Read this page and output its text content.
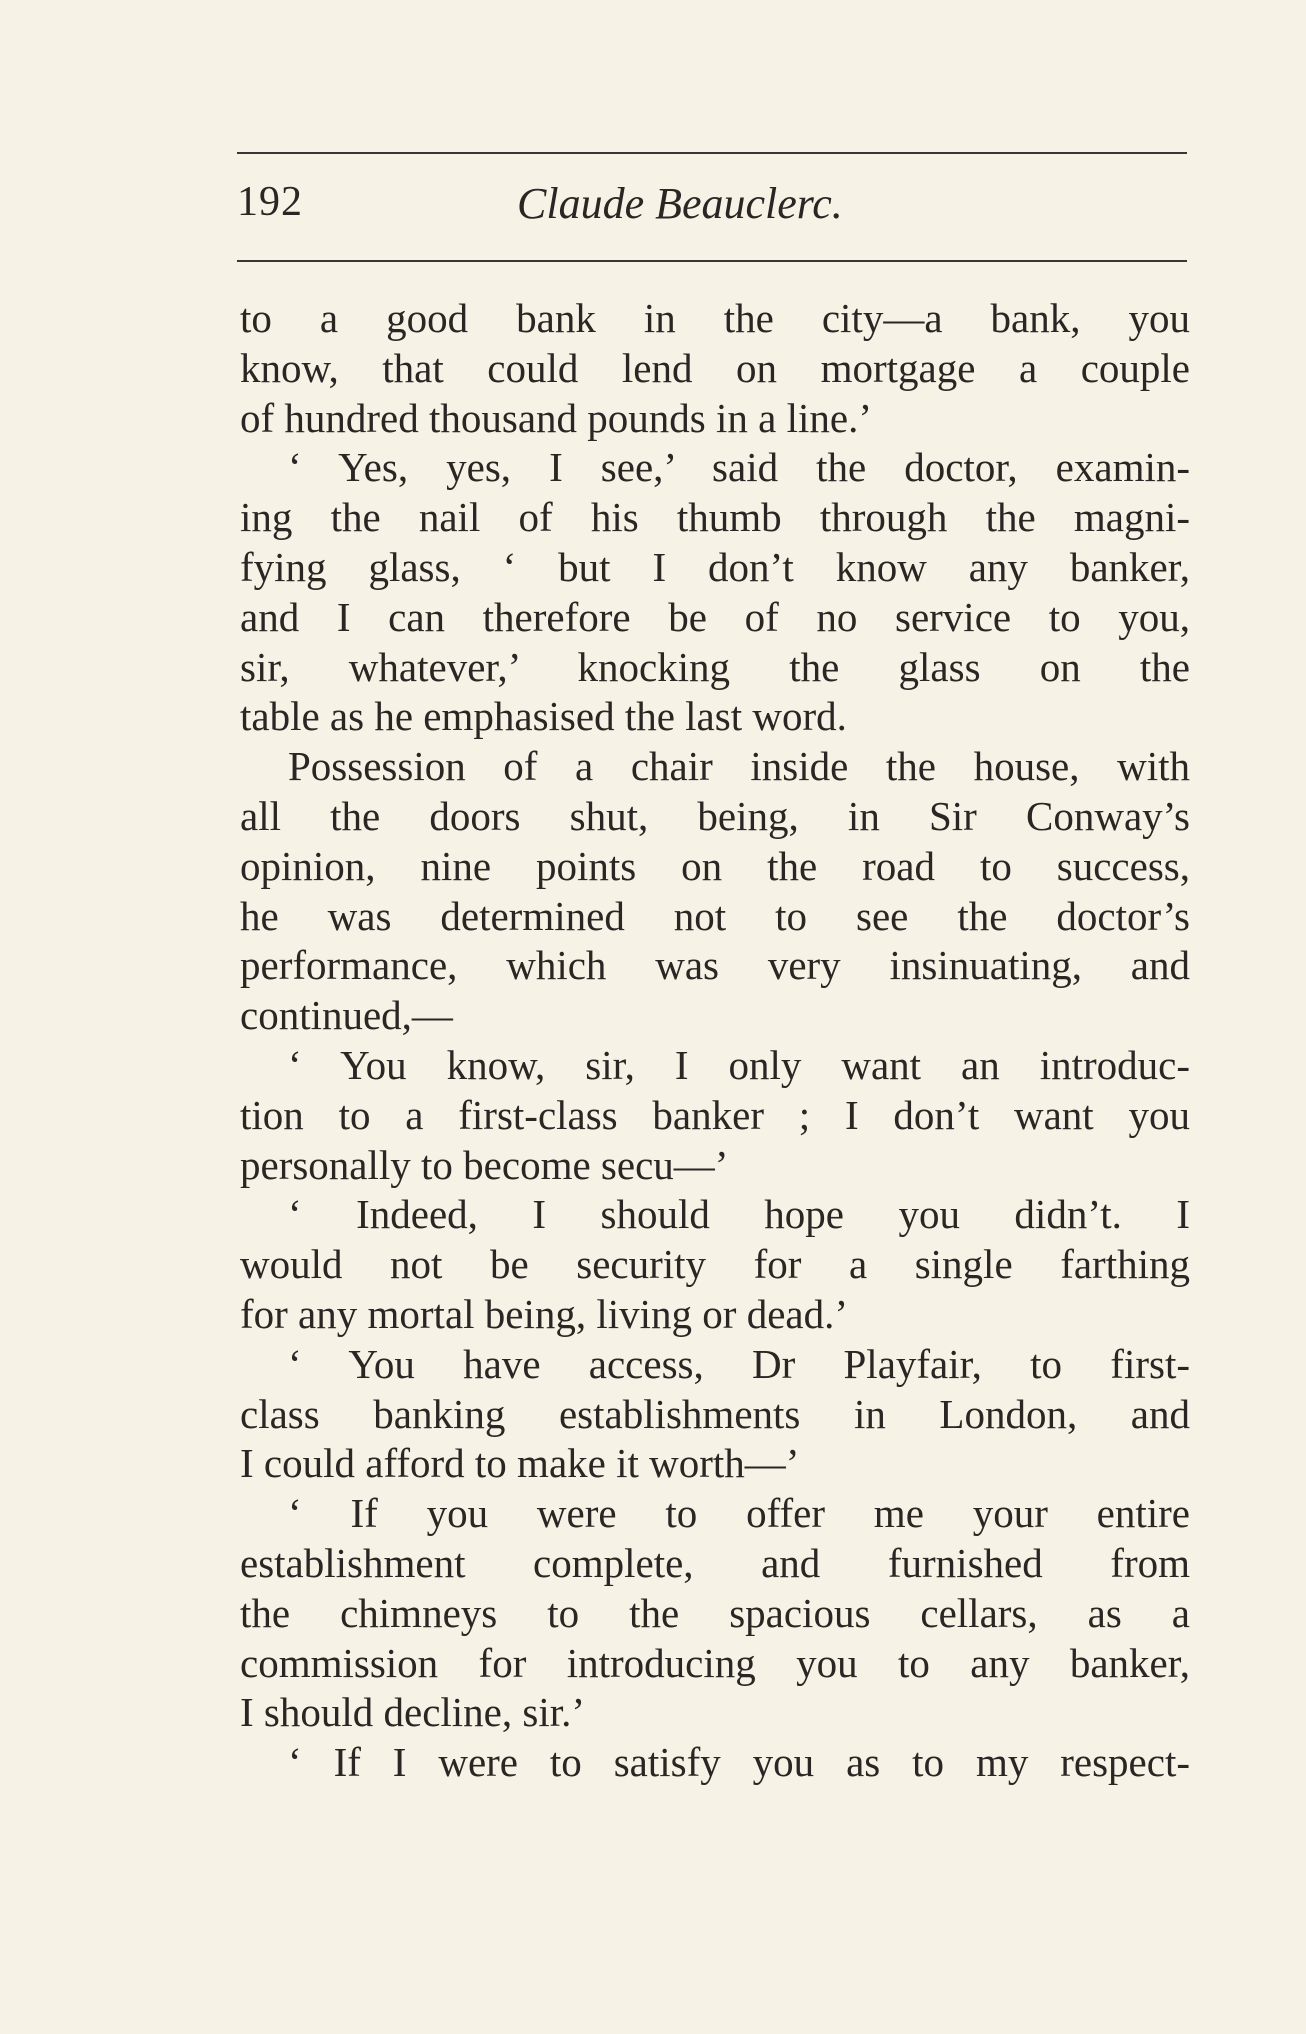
192	Claude Beauclerc.
to a good bank in the city—a bank, you
know, that could lend on mortgage a couple
of hundred thousand pounds in a line.’
‘ Yes, yes, I see,’ said the doctor, examin-
ing the nail of his thumb through the magni-
fying glass, ‘ but I don’t know any banker,
and I can therefore be of no service to you,
sir, whatever,’ knocking the glass on the
table as he emphasised the last word.
Possession of a chair inside the house, with
all the doors shut, being, in Sir Conway’s
opinion, nine points on the road to success,
he was determined not to see the doctor’s
performance, which was very insinuating, and
continued,—
‘ You know, sir, I only want an introduc-
tion to a first-class banker ; I don’t want you
personally to become secu—’
‘ Indeed, I should hope you didn’t. I
would not be security for a single farthing
for any mortal being, living or dead.’
‘ You have access, Dr Playfair, to first-
class banking establishments in London, and
I could afford to make it worth—’
‘ If you were to offer me your entire
establishment complete, and furnished from
the chimneys to the spacious cellars, as a
commission for introducing you to any banker,
I should decline, sir.’
‘ If I were to satisfy you as to my respect-
